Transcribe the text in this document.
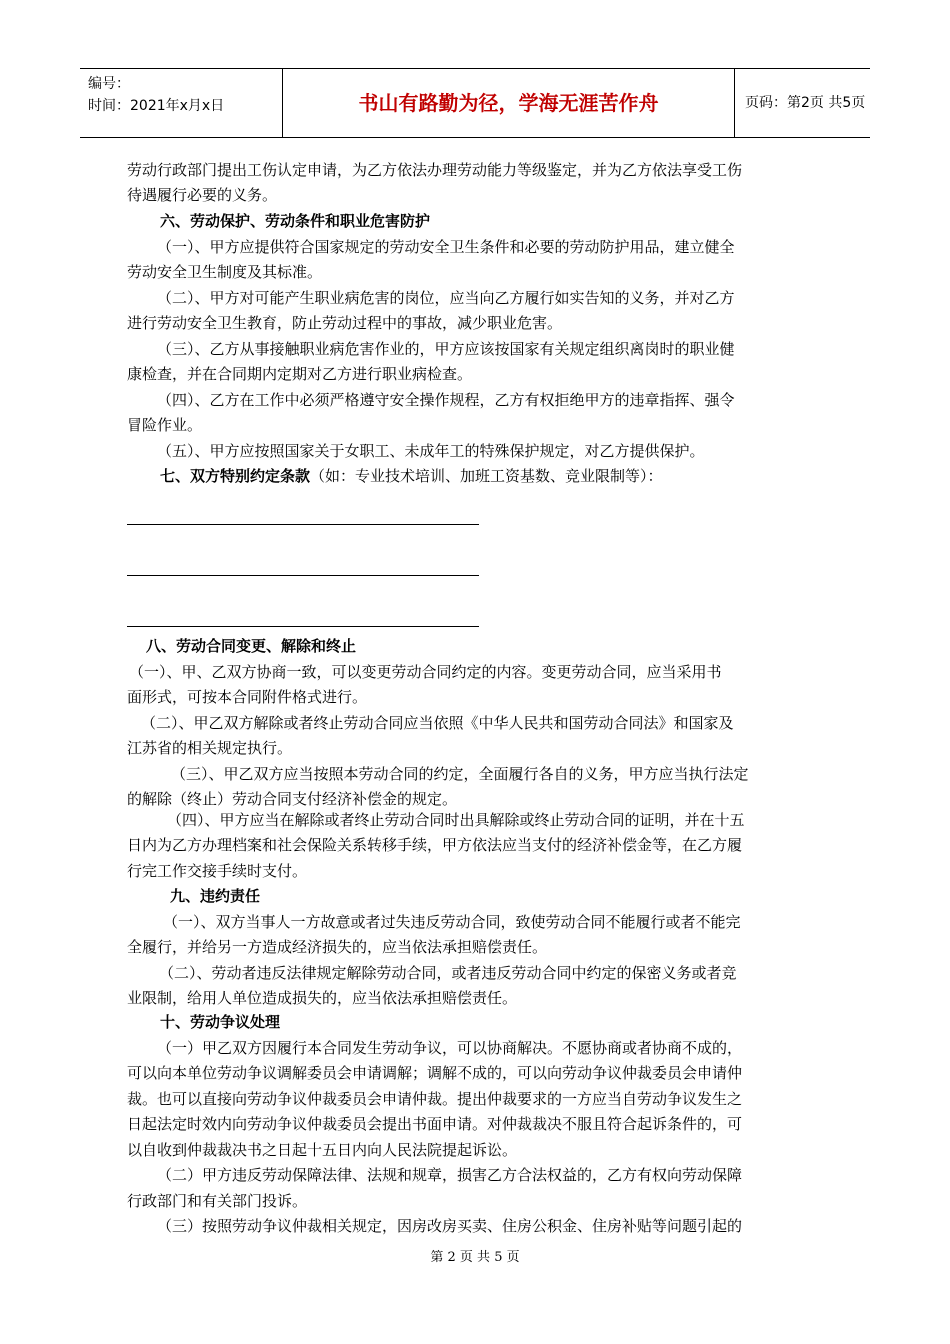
编号：
时间：2021年x月x日	书山有路勤为径，学海无涯苦作舟	页码：第2页 共5页
劳动行政部门提出工伤认定申请，为乙方依法办理劳动能力等级鉴定，并为乙方依法享受工伤
待遇履行必要的义务。
六、劳动保护、劳动条件和职业危害防护
（一）、甲方应提供符合国家规定的劳动安全卫生条件和必要的劳动防护用品，建立健全
劳动安全卫生制度及其标准。
（二）、甲方对可能产生职业病危害的岗位，应当向乙方履行如实告知的义务，并对乙方
进行劳动安全卫生教育，防止劳动过程中的事故，减少职业危害。
（三）、乙方从事接触职业病危害作业的，甲方应该按国家有关规定组织离岗时的职业健
康检查，并在合同期内定期对乙方进行职业病检查。
（四）、乙方在工作中必须严格遵守安全操作规程，乙方有权拒绝甲方的违章指挥、强令
冒险作业。
（五）、甲方应按照国家关于女职工、未成年工的特殊保护规定，对乙方提供保护。
七、双方特别约定条款（如：专业技术培训、加班工资基数、竞业限制等）：
八、劳动合同变更、解除和终止
（一）、甲、乙双方协商一致，可以变更劳动合同约定的内容。变更劳动合同，应当采用书
面形式，可按本合同附件格式进行。
（二）、甲乙双方解除或者终止劳动合同应当依照《中华人民共和国劳动合同法》和国家及
江苏省的相关规定执行。
（三）、甲乙双方应当按照本劳动合同的约定，全面履行各自的义务，甲方应当执行法定
的解除（终止）劳动合同支付经济补偿金的规定。
（四）、甲方应当在解除或者终止劳动合同时出具解除或终止劳动合同的证明，并在十五
日内为乙方办理档案和社会保险关系转移手续，甲方依法应当支付的经济补偿金等，在乙方履
行完工作交接手续时支付。
九、违约责任
（一）、双方当事人一方故意或者过失违反劳动合同，致使劳动合同不能履行或者不能完
全履行，并给另一方造成经济损失的，应当依法承担赔偿责任。
（二）、劳动者违反法律规定解除劳动合同，或者违反劳动合同中约定的保密义务或者竞
业限制，给用人单位造成损失的，应当依法承担赔偿责任。
十、劳动争议处理
（一）甲乙双方因履行本合同发生劳动争议，可以协商解决。不愿协商或者协商不成的，
可以向本单位劳动争议调解委员会申请调解；调解不成的，可以向劳动争议仲裁委员会申请仲
裁。也可以直接向劳动争议仲裁委员会申请仲裁。提出仲裁要求的一方应当自劳动争议发生之
日起法定时效内向劳动争议仲裁委员会提出书面申请。对仲裁裁决不服且符合起诉条件的，可
以自收到仲裁裁决书之日起十五日内向人民法院提起诉讼。
（二）甲方违反劳动保障法律、法规和规章，损害乙方合法权益的，乙方有权向劳动保障
行政部门和有关部门投诉。
（三）按照劳动争议仲裁相关规定，因房改房买卖、住房公积金、住房补贴等问题引起的
第 2 页 共 5 页
